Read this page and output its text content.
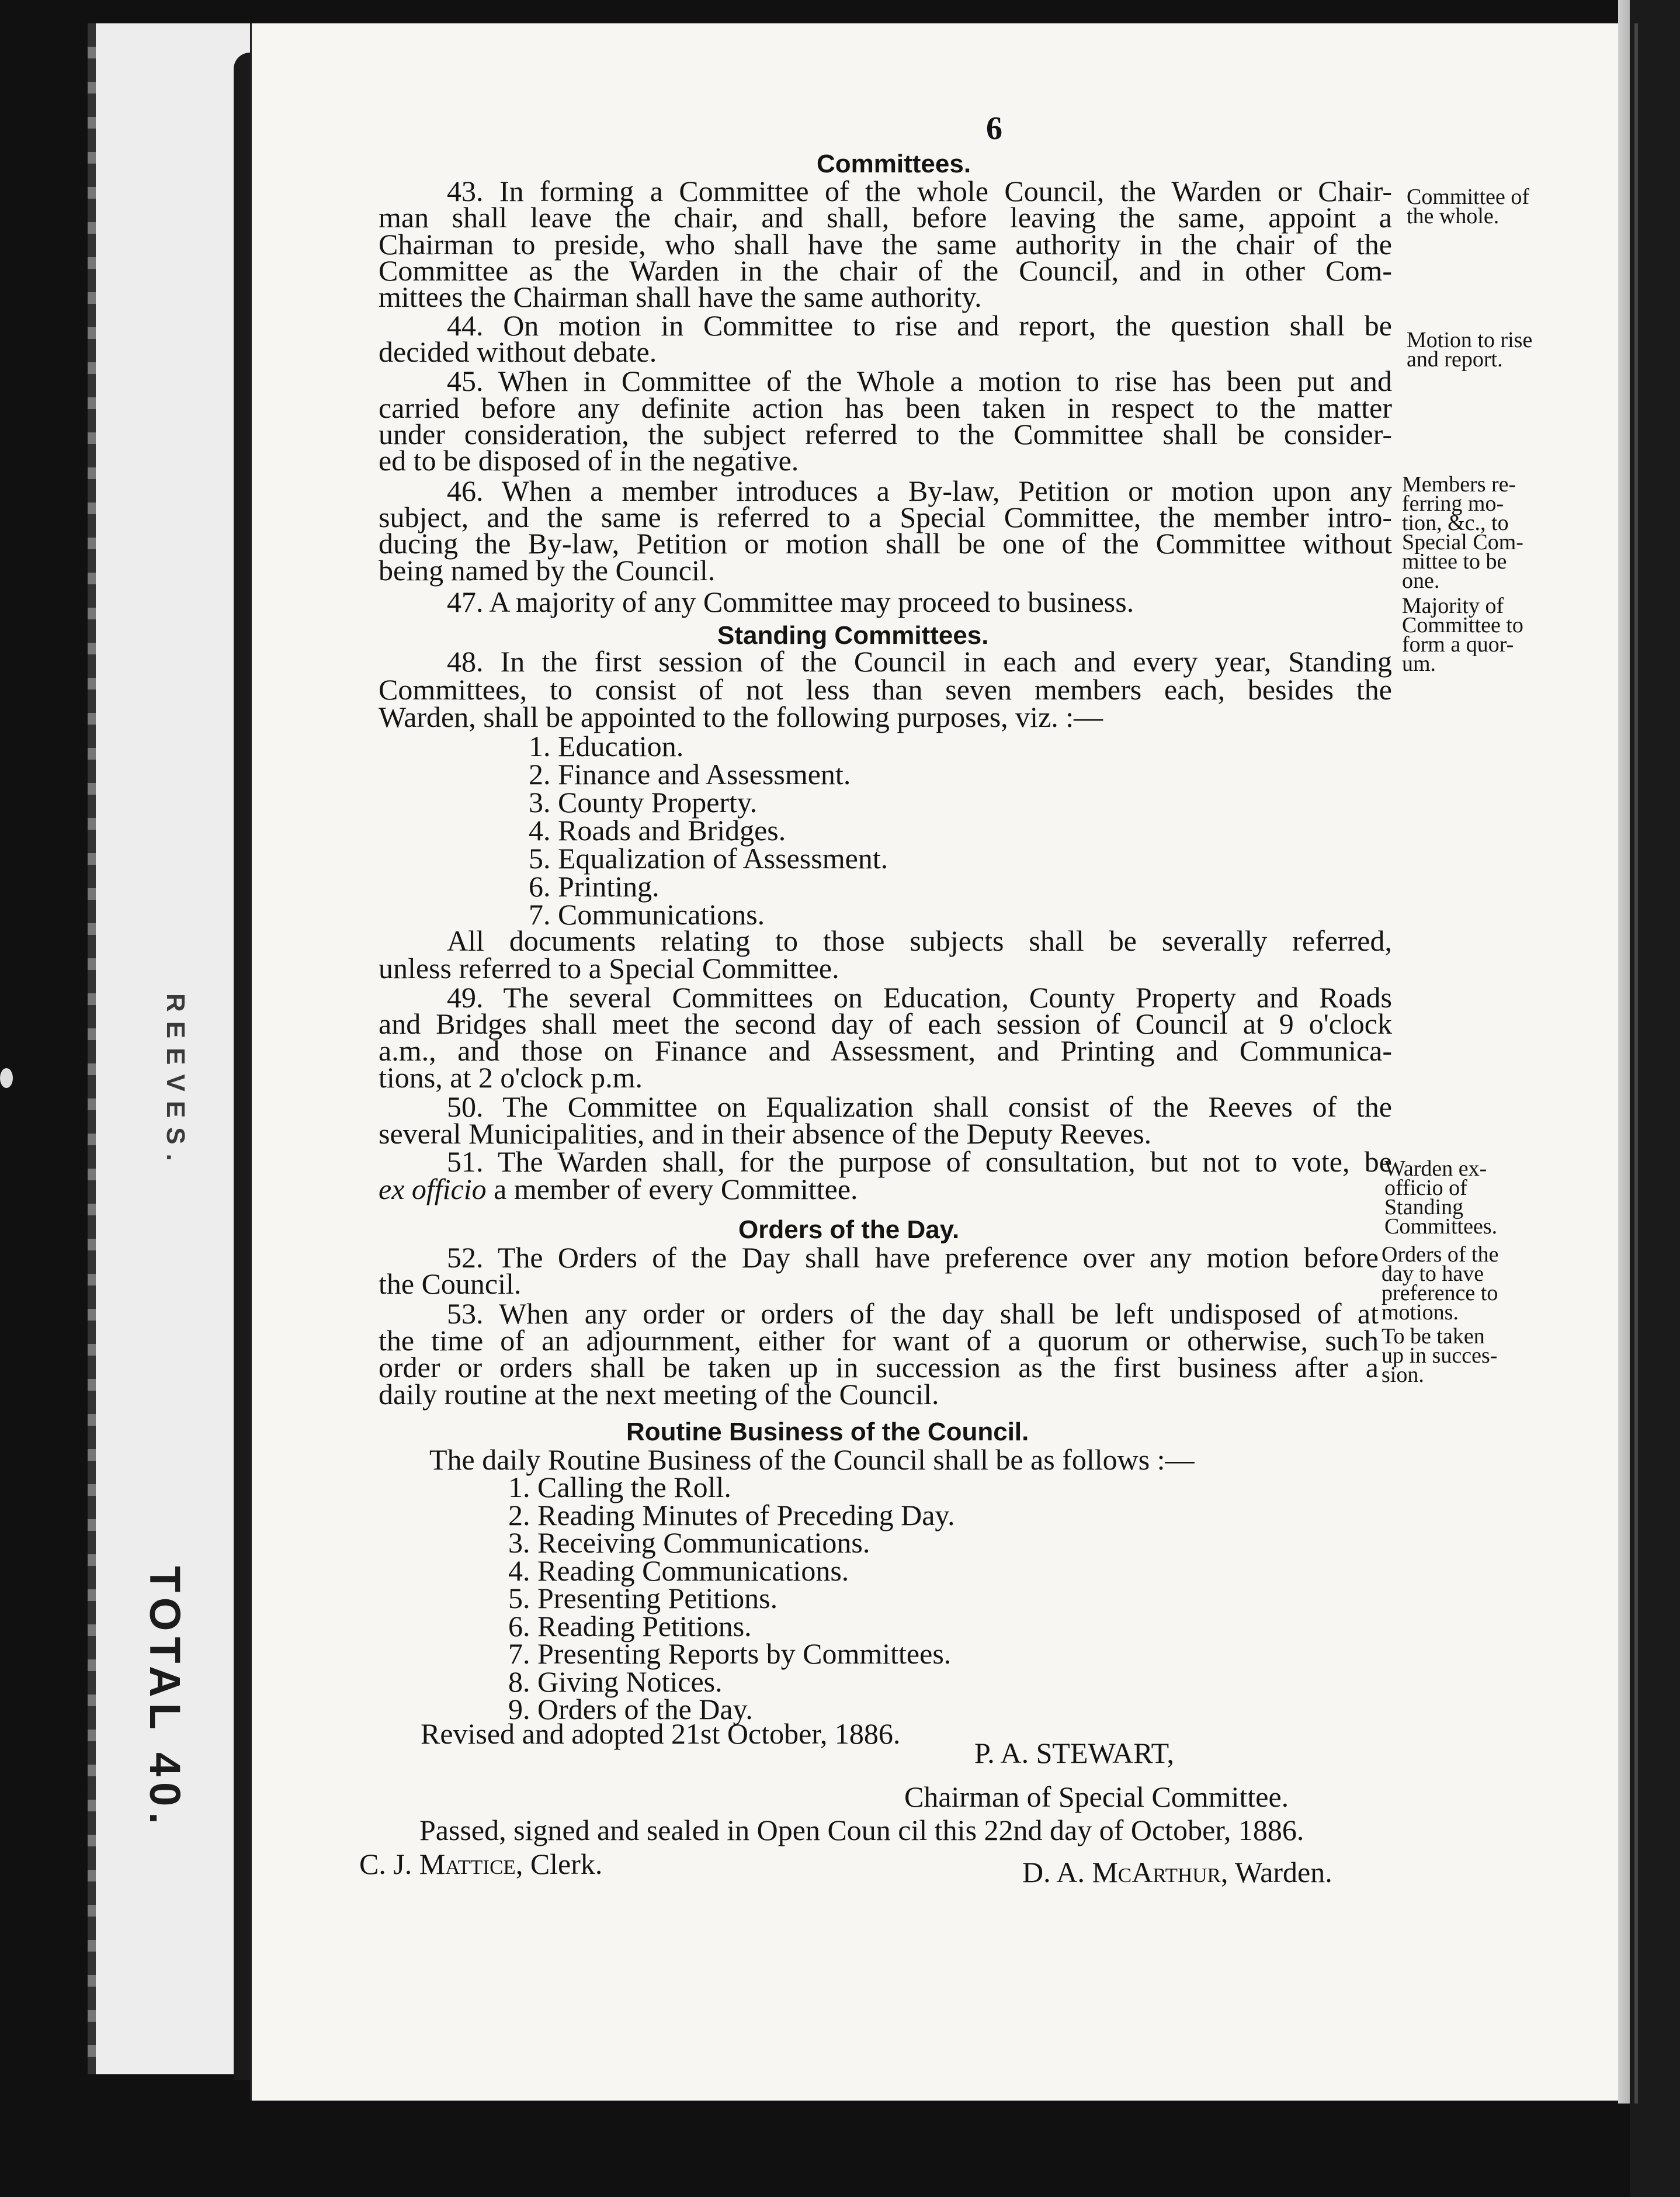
REEVES.
TOTAL 40.
6
Committees.
Standing Committees.
Orders of the Day.
Routine Business of the Council.
P. A. STEWART,
Chairman of Special Committee.
Passed, signed and sealed in Open Coun cil this 22nd day of October, 1886.
C. J. Mattice, Clerk.	D. A. McArthur, Warden.
43. In forming a Committee of the whole Council, the Warden or Chair-
man shall leave the chair, and shall, before leaving the same, appoint a
Chairman to preside, who shall have the same authority in the chair of the
Committee as the Warden in the chair of the Council, and in other Com-
mittees the Chairman shall have the same authority.
44. On motion in Committee to rise and report, the question shall be
decided without debate.
45. When in Committee of the Whole a motion to rise has been put and
carried before any definite action has been taken in respect to the matter
under consideration, the subject referred to the Committee shall be consider-
ed to be disposed of in the negative.
46. When a member introduces a By-law, Petition or motion upon any
subject, and the same is referred to a Special Committee, the member intro-
ducing the By-law, Petition or motion shall be one of the Committee without
being named by the Council.
47. A majority of any Committee may proceed to business.
48. In the first session of the Council in each and every year, Standing
Committees, to consist of not less than seven members each, besides the
Warden, shall be appointed to the following purposes, viz. :—
1. Education.
2. Finance and Assessment.
3. County Property.
4. Roads and Bridges.
5. Equalization of Assessment.
6. Printing.
7. Communications.
All documents relating to those subjects shall be severally referred,
unless referred to a Special Committee.
49. The several Committees on Education, County Property and Roads
and Bridges shall meet the second day of each session of Council at 9 o'clock
a.m., and those on Finance and Assessment, and Printing and Communica-
tions, at 2 o'clock p.m.
50. The Committee on Equalization shall consist of the Reeves of the
several Municipalities, and in their absence of the Deputy Reeves.
51. The Warden shall, for the purpose of consultation, but not to vote, be
ex officio a member of every Committee.
52. The Orders of the Day shall have preference over any motion before
the Council.
53. When any order or orders of the day shall be left undisposed of at
the time of an adjournment, either for want of a quorum or otherwise, such
order or orders shall be taken up in succession as the first business after a
daily routine at the next meeting of the Council.
The daily Routine Business of the Council shall be as follows :—
1. Calling the Roll.
2. Reading Minutes of Preceding Day.
3. Receiving Communications.
4. Reading Communications.
5. Presenting Petitions.
6. Reading Petitions.
7. Presenting Reports by Committees.
8. Giving Notices.
9. Orders of the Day.
Revised and adopted 21st October, 1886.
Committee of
the whole.
Motion to rise
and report.
Members re-
ferring mo-
tion, &c., to
Special Com-
mittee to be
one.
Majority of
Committee to
form a quor-
um.
Warden ex-
officio of
Standing
Committees.
Orders of the
day to have
preference to
motions.
To be taken
up in succes-
sion.
